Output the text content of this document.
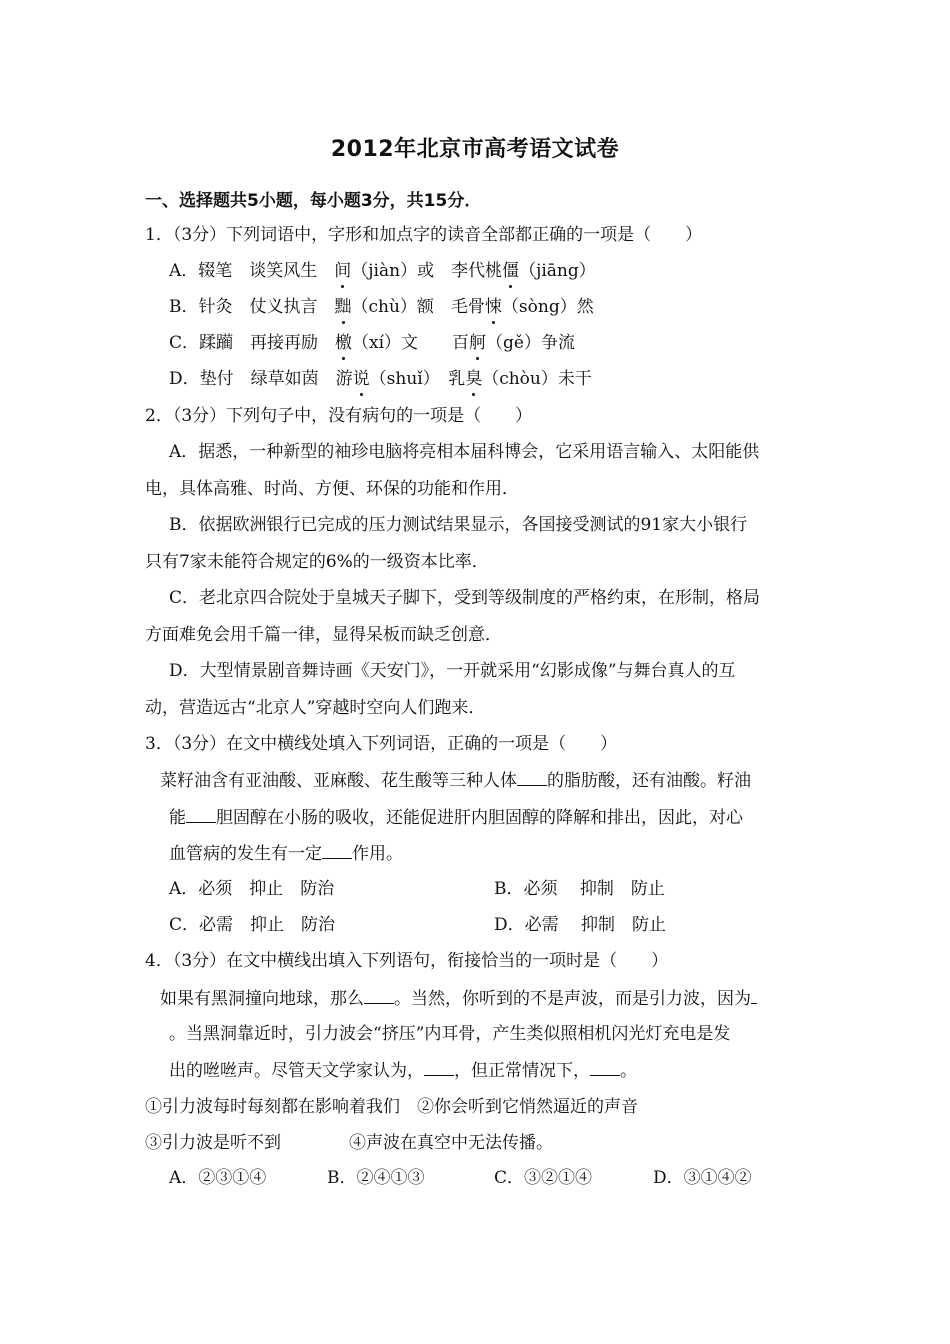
2012年北京市高考语文试卷
一、选择题共5小题，每小题3分，共15分．
1．（3分）下列词语中，字形和加点字的读音全部都正确的一项是（　　）
A．辍笔　谈笑风生　间（jiàn）或　李代桃僵（jiāng）
B．针灸　仗义执言　黜（chù）额　毛骨悚（sòng）然
C．蹂躏　再接再励　檄（xí）文　　百舸（gě）争流
D．垫付　绿草如茵　游说（shuǐ）　乳臭（chòu）未干
2．（3分）下列句子中，没有病句的一项是（　　）
A．据悉，一种新型的袖珍电脑将亮相本届科博会，它采用语言输入、太阳能供
电，具体高雅、时尚、方便、环保的功能和作用．
B．依据欧洲银行已完成的压力测试结果显示，各国接受测试的91家大小银行
只有7家未能符合规定的6%的一级资本比率．
C．老北京四合院处于皇城天子脚下，受到等级制度的严格约束，在形制，格局
方面难免会用千篇一律，显得呆板而缺乏创意．
D．大型情景剧音舞诗画《天安门》，一开就采用“幻影成像”与舞台真人的互
动，营造远古“北京人”穿越时空向人们跑来．
3．（3分）在文中横线处填入下列词语，正确的一项是（　　）
菜籽油含有亚油酸、亚麻酸、花生酸等三种人体 的脂肪酸，还有油酸。籽油
能 胆固醇在小肠的吸收，还能促进肝内胆固醇的降解和排出，因此，对心
血管病的发生有一定 作用。
A．必须　抑止　防治	B．必须　 抑制　防止
C．必需　抑止　防治	D．必需　 抑制　防止
4．（3分）在文中横线出填入下列语句，衔接恰当的一项时是（　　）
如果有黑洞撞向地球，那么 。当然，你听到的不是声波，而是引力波，因为
。当黑洞靠近时，引力波会“挤压”内耳骨，产生类似照相机闪光灯充电是发
出的咝咝声。尽管天文学家认为， ，但正常情况下， 。
①引力波每时每刻都在影响着我们　②你会听到它悄然逼近的声音
③引力波是听不到　　　　④声波在真空中无法传播。
A．②③①④	B．②④①③	C．③②①④	D．③①④②
